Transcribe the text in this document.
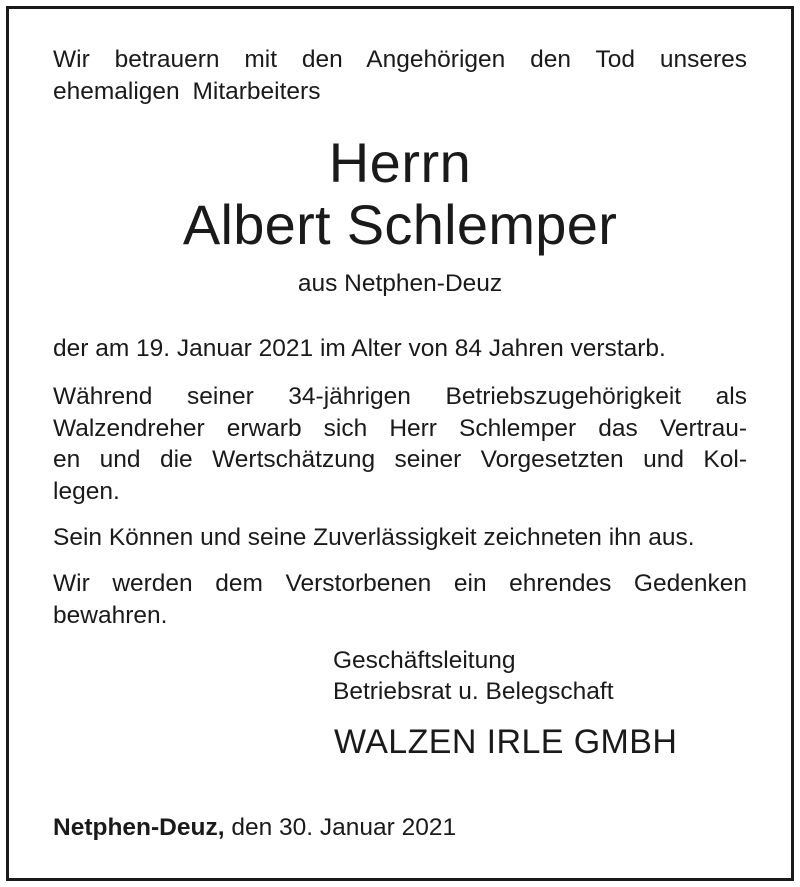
Wir betrauern mit den Angehörigen den Tod unseres
ehemaligen Mitarbeiters

Herrn

Albert Schlemper

aus Netphen-Deuz

der am 19. Januar 2021 im Alter von 84 Jahren verstarb.

Während seiner 34-jährigen Betriebszugehörigkeit als
Walzendreher erwarb sich Herr Schlemper das Vertrau-
en und die Wertschätzung seiner Vorgesetzten und Kol-
legen.

Sein Können und seine Zuverlässigkeit zeichneten ihn aus.

Wir werden dem Verstorbenen ein ehrendes Gedenken
bewahren.
Geschäftsleitung
Betriebsrat u. Belegschaft
WALZEN IRLE GMBH
Netphen-Deuz, den 30. Januar 2021
